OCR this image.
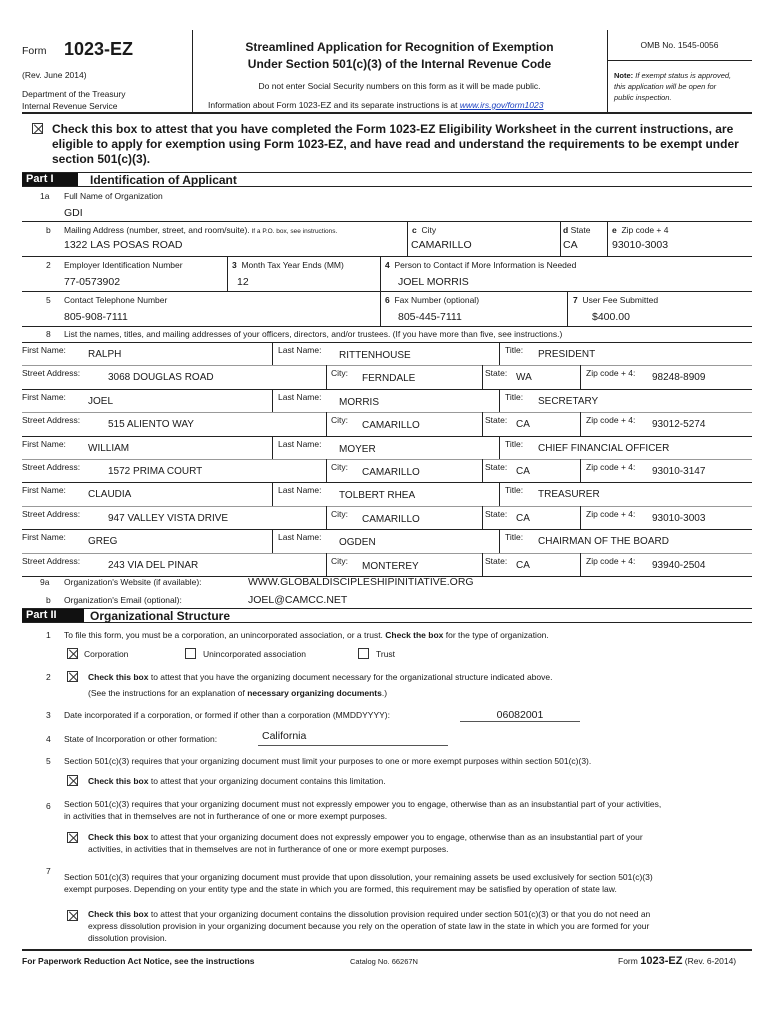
Form 1023-EZ
(Rev. June 2014)
Department of the Treasury
Internal Revenue Service
Streamlined Application for Recognition of Exemption
Under Section 501(c)(3) of the Internal Revenue Code
Do not enter Social Security numbers on this form as it will be made public.
Information about Form 1023-EZ and its separate instructions is at www.irs.gov/form1023
OMB No. 1545-0056
Note: If exempt status is approved,
this application will be open for
public inspection.
Check this box to attest that you have completed the Form 1023-EZ Eligibility Worksheet in the current instructions, are
eligible to apply for exemption using Form 1023-EZ, and have read and understand the requirements to be exempt under
section 501(c)(3).
Part I	Identification of Applicant
1a Full Name of Organization
GDI
b Mailing Address (number, street, and room/suite). If a P.O. box, see instructions.
1322 LAS POSAS ROAD
c City
CAMARILLO
d State
CA
e Zip code + 4
93010-3003
2 Employer Identification Number
77-0573902
3 Month Tax Year Ends (MM)
12
4 Person to Contact if More Information is Needed
JOEL MORRIS
5 Contact Telephone Number
805-908-7111
6 Fax Number (optional)
805-445-7111
7 User Fee Submitted
$400.00
8 List the names, titles, and mailing addresses of your officers, directors, and/or trustees. (If you have more than five, see instructions.)
First Name: RALPH	Last Name: RITTENHOUSE	Title: PRESIDENT
Street Address:	3068 DOUGLAS ROAD	City: FERNDALE	State: WA	Zip code + 4: 98248-8909
First Name: JOEL	Last Name: MORRIS	Title: SECRETARY
Street Address:	515 ALIENTO WAY	City: CAMARILLO	State: CA	Zip code + 4: 93012-5274
First Name: WILLIAM	Last Name: MOYER	Title: CHIEF FINANCIAL OFFICER
Street Address:	1572 PRIMA COURT	City: CAMARILLO	State: CA	Zip code + 4: 93010-3147
First Name: CLAUDIA	Last Name: TOLBERT RHEA	Title: TREASURER
Street Address:	947 VALLEY VISTA DRIVE	City: CAMARILLO	State: CA	Zip code + 4: 93010-3003
First Name: GREG	Last Name: OGDEN	Title: CHAIRMAN OF THE BOARD
Street Address:	243 VIA DEL PINAR	City: MONTEREY	State: CA	Zip code + 4: 93940-2504
9a Organization's Website (if available):	WWW.GLOBALDISCIPLESHIPINITIATIVE.ORG
b Organization's Email (optional):	JOEL@CAMCC.NET
Part II	Organizational Structure
1 To file this form, you must be a corporation, an unincorporated association, or a trust. Check the box for the type of organization.
Corporation	Unincorporated association	Trust
2	Check this box to attest that you have the organizing document necessary for the organizational structure indicated above.
(See the instructions for an explanation of necessary organizing documents.)
3 Date incorporated if a corporation, or formed if other than a corporation (MMDDYYYY):	06082001
4 State of Incorporation or other formation:	California
5 Section 501(c)(3) requires that your organizing document must limit your purposes to one or more exempt purposes within section 501(c)(3).
Check this box to attest that your organizing document contains this limitation.
6 Section 501(c)(3) requires that your organizing document must not expressly empower you to engage, otherwise than as an insubstantial part of your activities,
in activities that in themselves are not in furtherance of one or more exempt purposes.
Check this box to attest that your organizing document does not expressly empower you to engage, otherwise than as an insubstantial part of your
activities, in activities that in themselves are not in furtherance of one or more exempt purposes.
7
Section 501(c)(3) requires that your organizing document must provide that upon dissolution, your remaining assets be used exclusively for section 501(c)(3)
exempt purposes. Depending on your entity type and the state in which you are formed, this requirement may be satisfied by operation of state law.
Check this box to attest that your organizing document contains the dissolution provision required under section 501(c)(3) or that you do not need an
express dissolution provision in your organizing document because you rely on the operation of state law in the state in which you are formed for your
dissolution provision.
For Paperwork Reduction Act Notice, see the instructions	Catalog No. 66267N	Form 1023-EZ (Rev. 6-2014)
